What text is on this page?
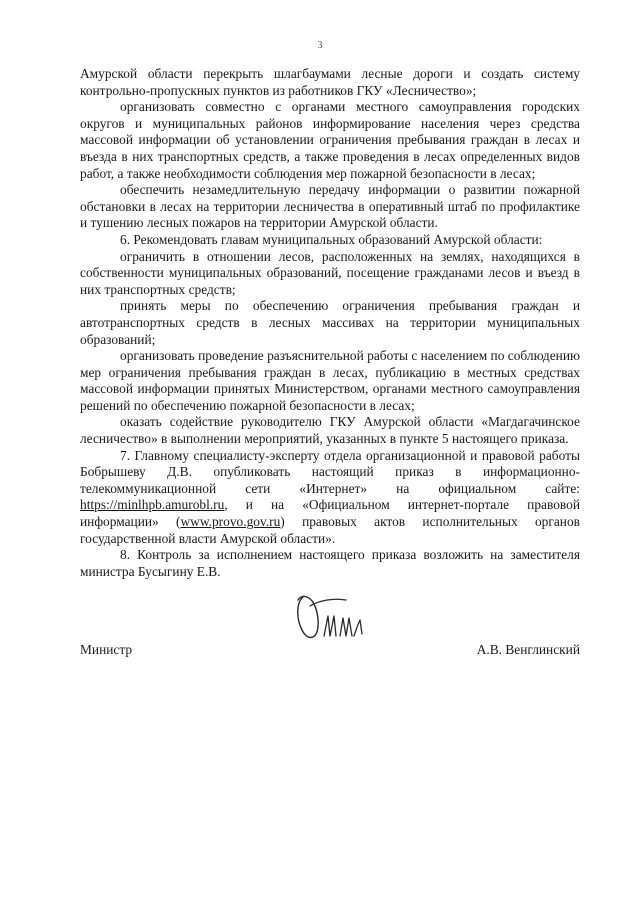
3

Амурской области перекрыть шлагбаумами лесные дороги и создать систему контрольно-пропускных пунктов из работников ГКУ «Лесничество»;

организовать совместно с органами местного самоуправления городских округов и муниципальных районов информирование населения через средства массовой информации об установлении ограничения пребывания граждан в лесах и въезда в них транспортных средств, а также проведения в лесах определенных видов работ, а также необходимости соблюдения мер пожарной безопасности в лесах;

обеспечить незамедлительную передачу информации о развитии пожарной обстановки в лесах на территории лесничества в оперативный штаб по профилактике и тушению лесных пожаров на территории Амурской области.

6. Рекомендовать главам муниципальных образований Амурской области:

ограничить в отношении лесов, расположенных на землях, находящихся в собственности муниципальных образований, посещение гражданами лесов и въезд в них транспортных средств;

принять меры по обеспечению ограничения пребывания граждан и автотранспортных средств в лесных массивах на территории муниципальных образований;

организовать проведение разъяснительной работы с населением по соблюдению мер ограничения пребывания граждан в лесах, публикацию в местных средствах массовой информации принятых Министерством, органами местного самоуправления решений по обеспечению пожарной безопасности в лесах;

оказать содействие руководителю ГКУ Амурской области «Магдагачинское лесничество» в выполнении мероприятий, указанных в пункте 5 настоящего приказа.

7. Главному специалисту-эксперту отдела организационной и правовой работы Бобрышеву Д.В. опубликовать настоящий приказ в информационно-телекоммуникационной сети «Интернет» на официальном сайте: https://minlhpb.amurobl.ru, и на «Официальном интернет-портале правовой информации» (www.provo.gov.ru) правовых актов исполнительных органов государственной власти Амурской области».

8. Контроль за исполнением настоящего приказа возложить на заместителя министра Бусыгину Е.В.

Министр	А.В. Венглинский
